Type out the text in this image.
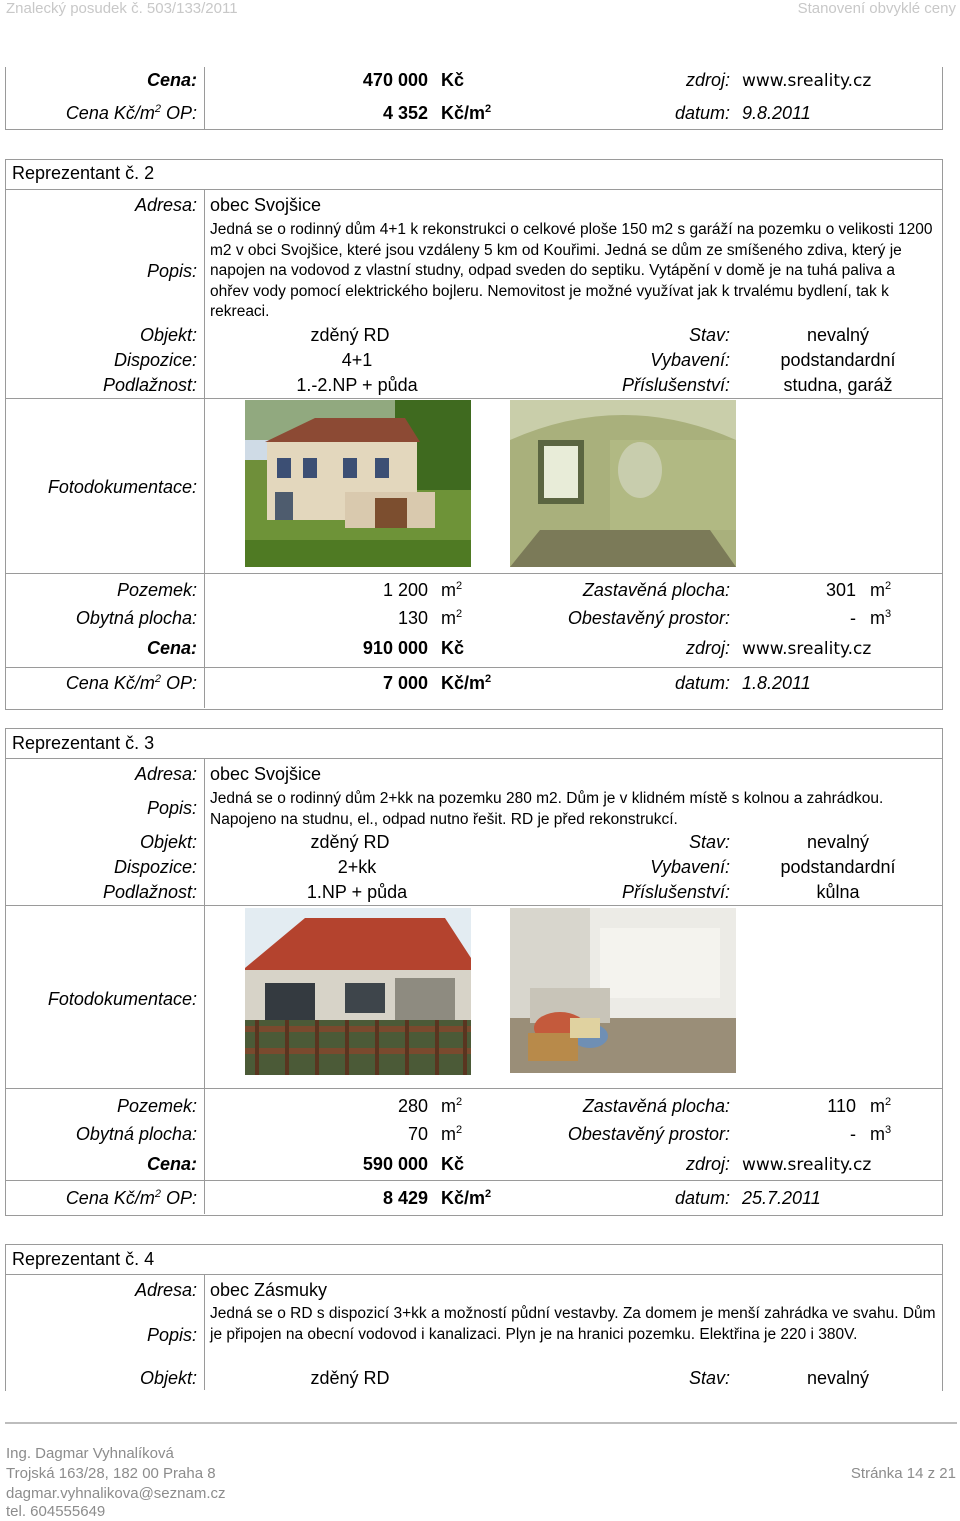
Znalecký posudek č. 503/133/2011	Stanovení obvyklé ceny
Cena:	470 000 Kč	zdroj: www.sreality.cz
Cena $Kč/m^2$ OP:	4 352 $Kč/m^2$	datum: 9.8.2011
Reprezentant č. 2
Adresa: obec Svojšice
Popis:
Jedná se o rodinný dům 4+1 k rekonstrukci o celkové ploše 150 m2 s garáží na pozemku o velikosti 1200 m2 v obci Svojšice, které jsou vzdáleny 5 km od Kouřimi. Jedná se dům ze smíšeného zdiva, který je napojen na vodovod z vlastní studny, odpad sveden do septiku. Vytápění v domě je na tuhá paliva a ohřev vody pomocí elektrického bojleru. Nemovitost je možné využívat jak k trvalému bydlení, tak k rekreaci.
Objekt:	zděný RD	Stav:	nevalný
Dispozice:	4+1	Vybavení:	podstandardní
Podlažnost:	1.-2.NP + půda	Příslušenství:	studna, garáž
Fotodokumentace:
Pozemek:	1 200 $m^2$	Zastavěná plocha:	301 $m^2$
Obytná plocha:	130 $m^2$	Obestavěný prostor:	- $m^3$
Cena:	910 000 Kč	zdroj: www.sreality.cz
Cena $Kč/m^2$ OP:	7 000 $Kč/m^2$	datum: 1.8.2011
Reprezentant č. 3
Adresa: obec Svojšice
Popis: Jedná se o rodinný dům 2+kk na pozemku 280 m2. Dům je v klidném místě s kolnou a zahrádkou. Napojeno na studnu, el., odpad nutno řešit. RD je před rekonstrukcí.
Objekt:	zděný RD	Stav:	nevalný
Dispozice:	2+kk	Vybavení:	podstandardní
Podlažnost:	1.NP + půda	Příslušenství:	kůlna
Fotodokumentace:
Pozemek:	280 $m^2$	Zastavěná plocha:	110 $m^2$
Obytná plocha:	70 $m^2$	Obestavěný prostor:	- $m^3$
Cena:	590 000 Kč	zdroj: www.sreality.cz
Cena $Kč/m^2$ OP:	8 429 $Kč/m^2$	datum: 25.7.2011
Reprezentant č. 4
Adresa: obec Zásmuky
Popis:
Jedná se o RD s dispozicí 3+kk a možností půdní vestavby. Za domem je menší zahrádka ve svahu. Dům je připojen na obecní vodovod i kanalizaci. Plyn je na hranici pozemku. Elektřina je 220 i 380V.
Objekt:	zděný RD	Stav:	nevalný
Ing. Dagmar Vyhnalíková
Trojská 163/28, 182 00 Praha 8
dagmar.vyhnalikova@seznam.cz
tel. 604555649
Stránka 14 z 21
